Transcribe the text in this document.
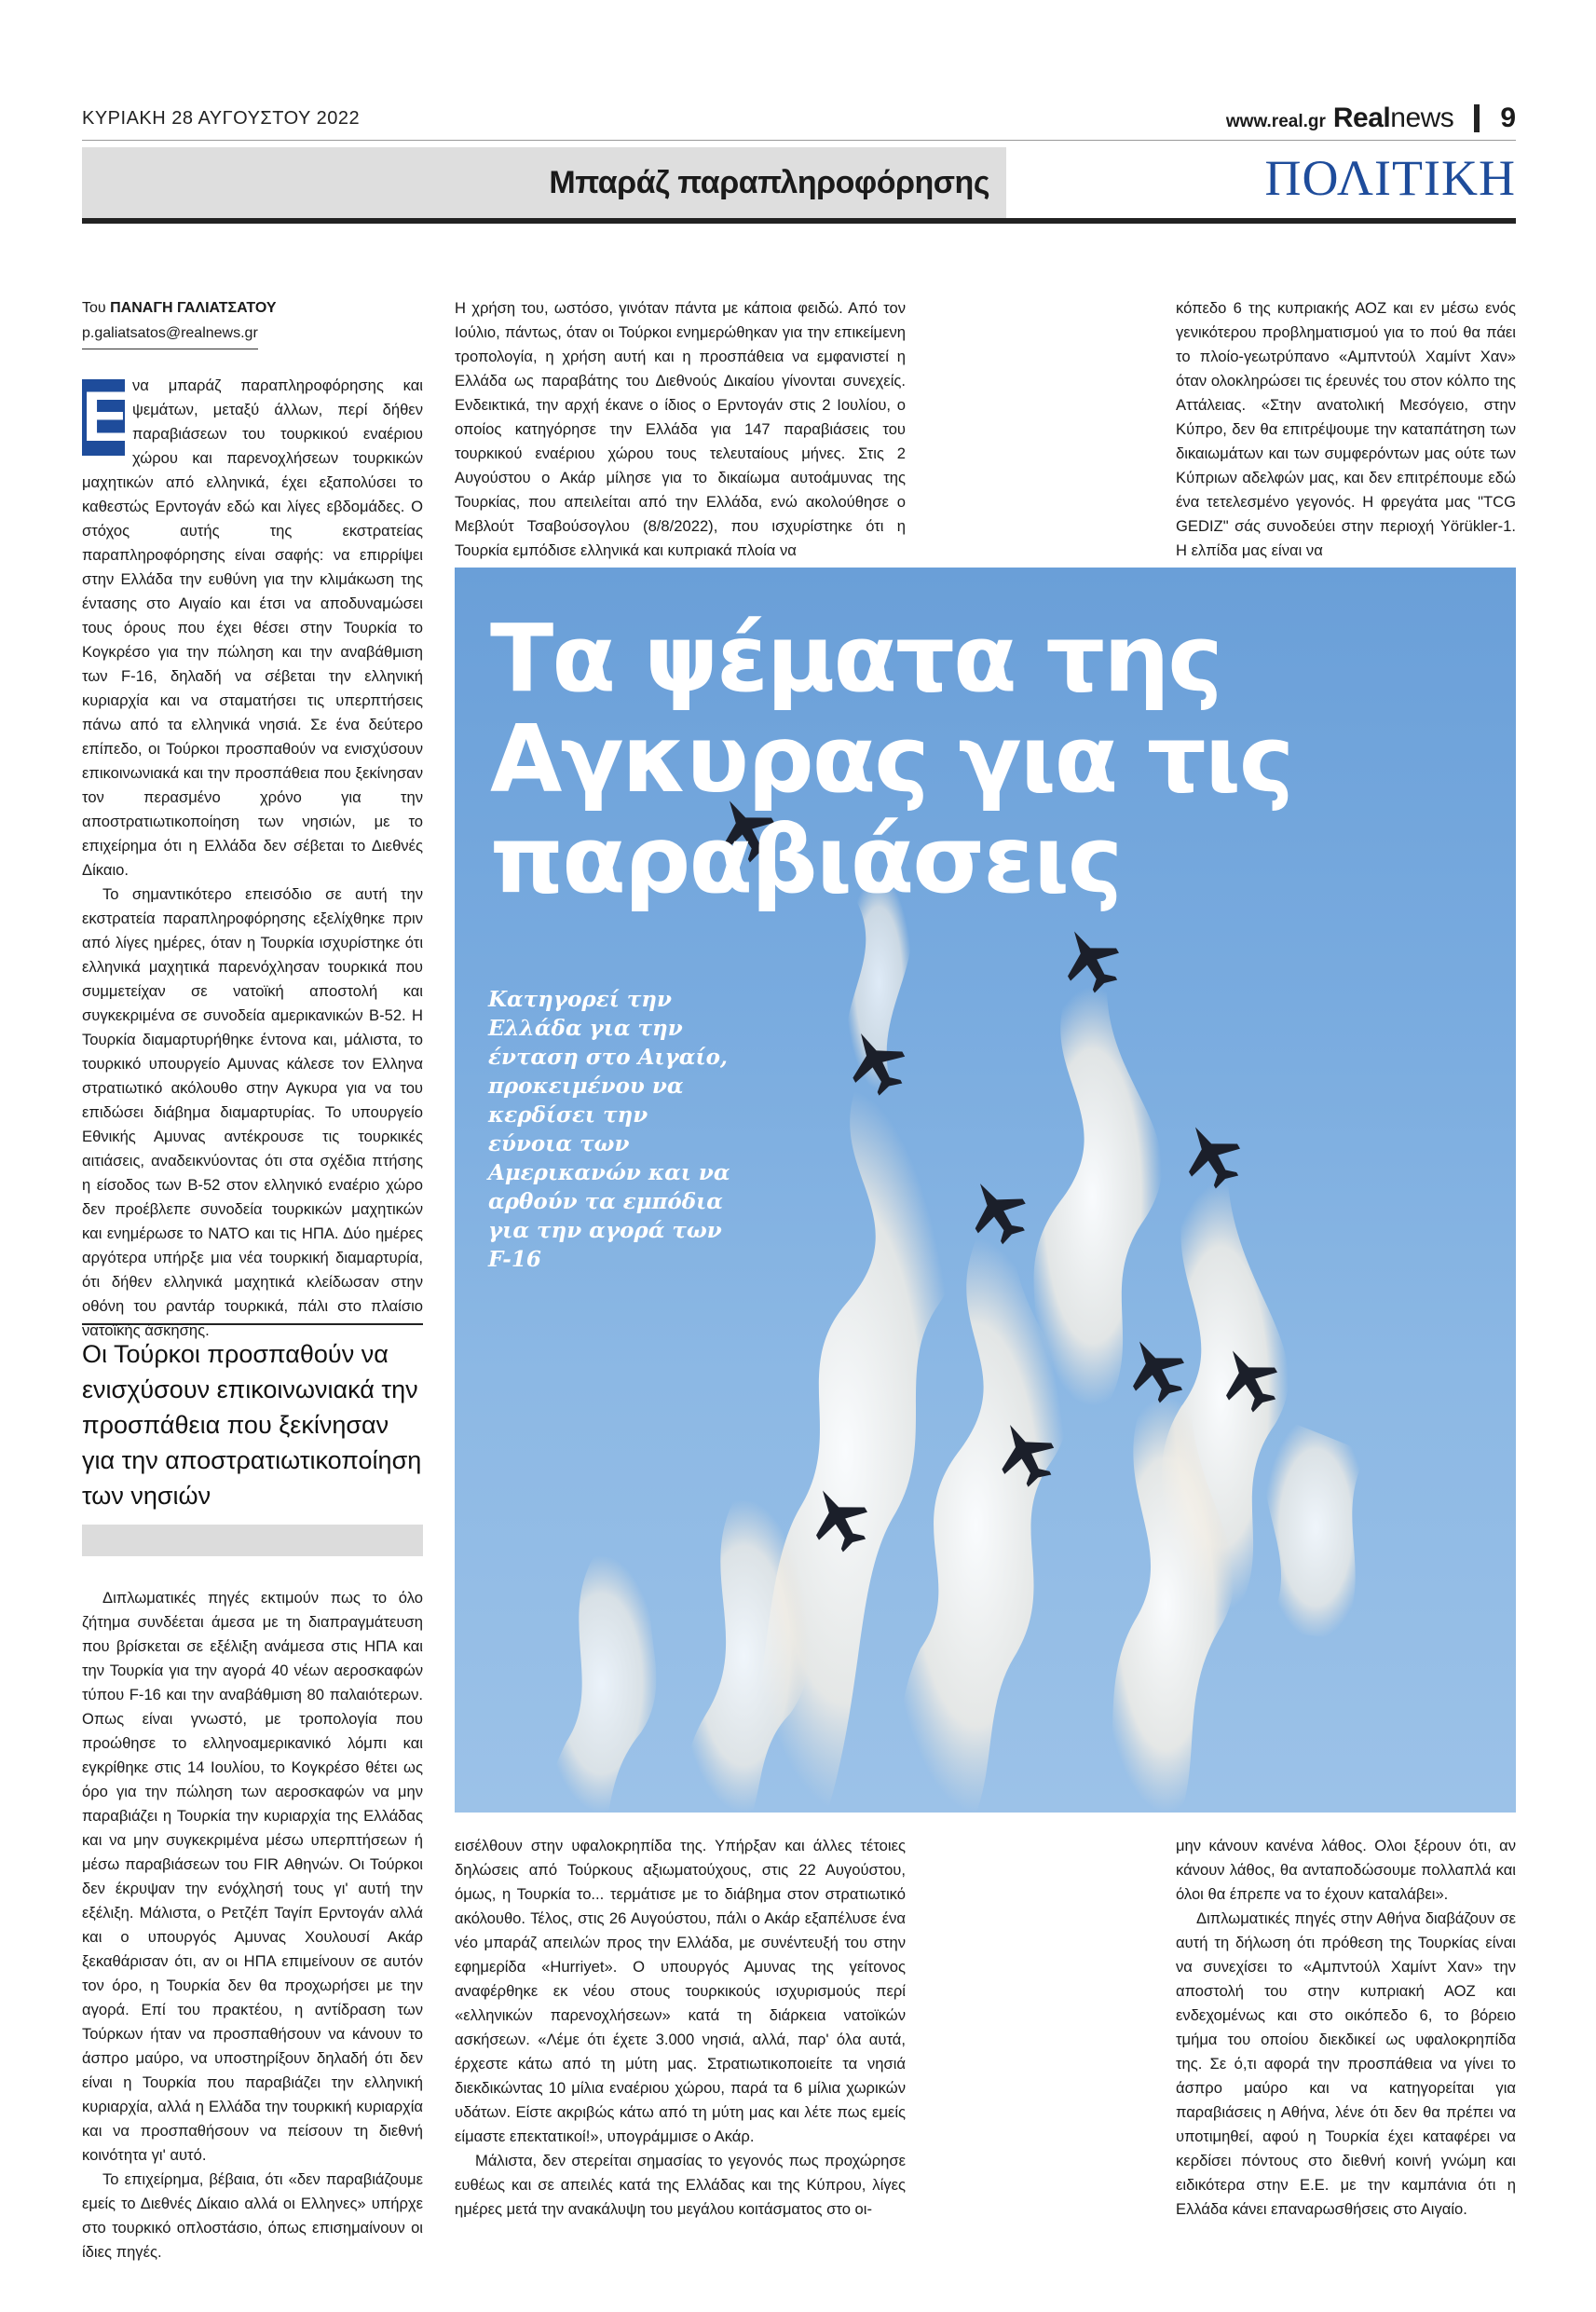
ΚΥΡΙΑΚΗ 28 ΑΥΓΟΥΣΤΟΥ 2022	www.real.gr Realnews 9
Μπαράζ παραπληροφόρησης	ΠΟΛΙΤΙΚΗ
Του ΠΑΝΑΓΗ ΓΑΛΙΑΤΣΑΤΟΥ
p.galiatsatos@realnews.gr

Ε να μπαράζ παραπληροφόρησης και ψεμάτων, μεταξύ άλλων, περί δήθεν παραβιάσεων του τουρκικού εναέριου χώρου και παρενοχλήσεων τουρκικών μαχητικών από ελληνικά, έχει εξαπολύσει το καθεστώς Ερντογάν εδώ και λίγες εβδομάδες. Ο στόχος αυτής της εκστρατείας παραπληροφόρησης είναι σαφής: να επιρρίψει στην Ελλάδα την ευθύνη για την κλιμάκωση της έντασης στο Αιγαίο και έτσι να αποδυναμώσει τους όρους που έχει θέσει στην Τουρκία το Κογκρέσο για την πώληση και την αναβάθμιση των F-16, δηλαδή να σέβεται την ελληνική κυριαρχία και να σταματήσει τις υπερπτήσεις πάνω από τα ελληνικά νησιά. Σε ένα δεύτερο επίπεδο, οι Τούρκοι προσπαθούν να ενισχύσουν επικοινωνιακά και την προσπάθεια που ξεκίνησαν τον περασμένο χρόνο για την αποστρατιωτικοποίηση των νησιών, με το επιχείρημα ότι η Ελλάδα δεν σέβεται το Διεθνές Δίκαιο.

Το σημαντικότερο επεισόδιο σε αυτή την εκστρατεία παραπληροφόρησης εξελίχθηκε πριν από λίγες ημέρες, όταν η Τουρκία ισχυρίστηκε ότι ελληνικά μαχητικά παρενόχλησαν τουρκικά που συμμετείχαν σε νατοϊκή αποστολή και συγκεκριμένα σε συνοδεία αμερικανικών B-52. Η Τουρκία διαμαρτυρήθηκε έντονα και, μάλιστα, το τουρκικό υπουργείο Αμυνας κάλεσε τον Ελληνα στρατιωτικό ακόλουθο στην Αγκυρα για να του επιδώσει διάβημα διαμαρτυρίας. Το υπουργείο Εθνικής Αμυνας αντέκρουσε τις τουρκικές αιτιάσεις, αναδεικνύοντας ότι στα σχέδια πτήσης η είσοδος των B-52 στον ελληνικό εναέριο χώρο δεν προέβλεπε συνοδεία τουρκικών μαχητικών και ενημέρωσε το ΝΑΤΟ και τις ΗΠΑ. Δύο ημέρες αργότερα υπήρξε μια νέα τουρκική διαμαρτυρία, ότι δήθεν ελληνικά μαχητικά κλείδωσαν στην οθόνη του ραντάρ τουρκικά, πάλι στο πλαίσιο νατοϊκής άσκησης.

Οι Τούρκοι προσπαθούν να ενισχύσουν επικοινωνιακά την προσπάθεια που ξεκίνησαν για την αποστρατιωτικοποίηση των νησιών

Διπλωματικές πηγές εκτιμούν πως το όλο ζήτημα συνδέεται άμεσα με τη διαπραγμάτευση που βρίσκεται σε εξέλιξη ανάμεσα στις ΗΠΑ και την Τουρκία για την αγορά 40 νέων αεροσκαφών τύπου F-16 και την αναβάθμιση 80 παλαιότερων. Οπως είναι γνωστό, με τροπολογία που προώθησε το ελληνοαμερικανικό λόμπι και εγκρίθηκε στις 14 Ιουλίου, το Κογκρέσο θέτει ως όρο για την πώληση των αεροσκαφών να μην παραβιάζει η Τουρκία την κυριαρχία της Ελλάδας και να μην συγκεκριμένα μέσω υπερπτήσεων ή μέσω παραβιάσεων του FIR Αθηνών. Οι Τούρκοι δεν έκρυψαν την ενόχλησή τους γι' αυτή την εξέλιξη. Μάλιστα, ο Ρετζέπ Ταγίπ Ερντογάν αλλά και ο υπουργός Αμυνας Χουλουσί Ακάρ ξεκαθάρισαν ότι, αν οι ΗΠΑ επιμείνουν σε αυτόν τον όρο, η Τουρκία δεν θα προχωρήσει με την αγορά. Επί του πρακτέου, η αντίδραση των Τούρκων ήταν να προσπαθήσουν να κάνουν το άσπρο μαύρο, να υποστηρίξουν δηλαδή ότι δεν είναι η Τουρκία που παραβιάζει την ελληνική κυριαρχία, αλλά η Ελλάδα την τουρκική κυριαρχία και να προσπαθήσουν να πείσουν τη διεθνή κοινότητα γι' αυτό.

Το επιχείρημα, βέβαια, ότι «δεν παραβιάζουμε εμείς το Διεθνές Δίκαιο αλλά οι Ελληνες» υπήρχε στο τουρκικό οπλοστάσιο, όπως επισημαίνουν οι ίδιες πηγές.

Η χρήση του, ωστόσο, γινόταν πάντα με κάποια φειδώ. Από τον Ιούλιο, πάντως, όταν οι Τούρκοι ενημερώθηκαν για την επικείμενη τροπολογία, η χρήση αυτή και η προσπάθεια να εμφανιστεί η Ελλάδα ως παραβάτης του Διεθνούς Δικαίου γίνονται συνεχείς. Ενδεικτικά, την αρχή έκανε ο ίδιος ο Ερντογάν στις 2 Ιουλίου, ο οποίος κατηγόρησε την Ελλάδα για 147 παραβιάσεις του τουρκικού εναέριου χώρου τους τελευταίους μήνες. Στις 2 Αυγούστου ο Ακάρ μίλησε για το δικαίωμα αυτοάμυνας της Τουρκίας, που απειλείται από την Ελλάδα, ενώ ακολούθησε ο Μεβλούτ Τσαβούσογλου (8/8/2022), που ισχυρίστηκε ότι η Τουρκία εμπόδισε ελληνικά και κυπριακά πλοία να

κόπεδο 6 της κυπριακής ΑΟΖ και εν μέσω ενός γενικότερου προβληματισμού για το πού θα πάει το πλοίο-γεωτρύπανο «Αμπντούλ Χαμίντ Χαν» όταν ολοκληρώσει τις έρευνές του στον κόλπο της Αττάλειας. «Στην ανατολική Μεσόγειο, στην Κύπρο, δεν θα επιτρέψουμε την καταπάτηση των δικαιωμάτων και των συμφερόντων μας ούτε των Κύπριων αδελφών μας, και δεν επιτρέπουμε εδώ ένα τετελεσμένο γεγονός. Η φρεγάτα μας "TCG GEDIZ" σάς συνοδεύει στην περιοχή Yörükler-1. Η ελπίδα μας είναι να

Τα ψέματα της Αγκυρας για τις παραβιάσεις
Κατηγορεί την Ελλάδα για την ένταση στο Αιγαίο, προκειμένου να κερδίσει την εύνοια των Αμερικανών και να αρθούν τα εμπόδια για την αγορά των F-16

εισέλθουν στην υφαλοκρηπίδα της. Υπήρξαν και άλλες τέτοιες δηλώσεις από Τούρκους αξιωματούχους, στις 22 Αυγούστου, όμως, η Τουρκία το... τερμάτισε με το διάβημα στον στρατιωτικό ακόλουθο. Τέλος, στις 26 Αυγούστου, πάλι ο Ακάρ εξαπέλυσε ένα νέο μπαράζ απειλών προς την Ελλάδα, με συνέντευξή του στην εφημερίδα «Hurriyet». Ο υπουργός Αμυνας της γείτονος αναφέρθηκε εκ νέου στους τουρκικούς ισχυρισμούς περί «ελληνικών παρενοχλήσεων» κατά τη διάρκεια νατοϊκών ασκήσεων. «Λέμε ότι έχετε 3.000 νησιά, αλλά, παρ' όλα αυτά, έρχεστε κάτω από τη μύτη μας. Στρατιωτικοποιείτε τα νησιά διεκδικώντας 10 μίλια εναέριου χώρου, παρά τα 6 μίλια χωρικών υδάτων. Είστε ακριβώς κάτω από τη μύτη μας και λέτε πως εμείς είμαστε επεκτατικοί!», υπογράμμισε ο Ακάρ.

Μάλιστα, δεν στερείται σημασίας το γεγονός πως προχώρησε ευθέως και σε απειλές κατά της Ελλάδας και της Κύπρου, λίγες ημέρες μετά την ανακάλυψη του μεγάλου κοιτάσματος στο οι-

μην κάνουν κανένα λάθος. Ολοι ξέρουν ότι, αν κάνουν λάθος, θα ανταποδώσουμε πολλαπλά και όλοι θα έπρεπε να το έχουν καταλάβει».

Διπλωματικές πηγές στην Αθήνα διαβάζουν σε αυτή τη δήλωση ότι πρόθεση της Τουρκίας είναι να συνεχίσει το «Αμπντούλ Χαμίντ Χαν» την αποστολή του στην κυπριακή ΑΟΖ και ενδεχομένως και στο οικόπεδο 6, το βόρειο τμήμα του οποίου διεκδικεί ως υφαλοκρηπίδα της. Σε ό,τι αφορά την προσπάθεια να γίνει το άσπρο μαύρο και να κατηγορείται για παραβιάσεις η Αθήνα, λένε ότι δεν θα πρέπει να υποτιμηθεί, αφού η Τουρκία έχει καταφέρει να κερδίσει πόντους στο διεθνή κοινή γνώμη και ειδικότερα στην Ε.Ε. με την καμπάνια ότι η Ελλάδα κάνει επαναρωσθήσεις στο Αιγαίο.
